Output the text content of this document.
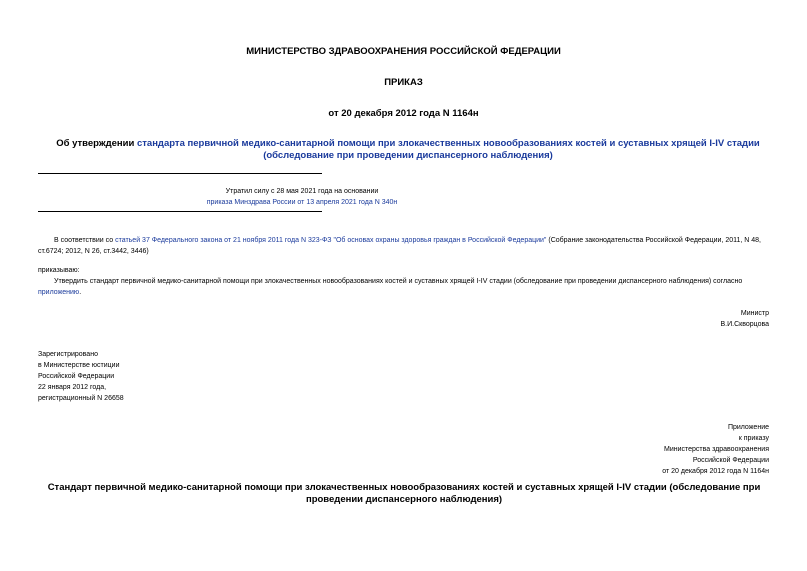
МИНИСТЕРСТВО ЗДРАВООХРАНЕНИЯ РОССИЙСКОЙ ФЕДЕРАЦИИ
ПРИКАЗ
от 20 декабря 2012 года N 1164н
Об утверждении стандарта первичной медико-санитарной помощи при злокачественных новообразованиях костей и суставных хрящей I-IV стадии (обследование при проведении диспансерного наблюдения)
Утратил силу с 28 мая 2021 года на основании
приказа Минздрава России от 13 апреля 2021 года N 340н
В соответствии со статьей 37 Федерального закона от 21 ноября 2011 года N 323-ФЗ "Об основах охраны здоровья граждан в Российской Федерации" (Собрание законодательства Российской Федерации, 2011, N 48, ст.6724; 2012, N 26, ст.3442, 3446)
приказываю:
Утвердить стандарт первичной медико-санитарной помощи при злокачественных новообразованиях костей и суставных хрящей I-IV стадии (обследование при проведении диспансерного наблюдения) согласно приложению.
Министр
В.И.Скворцова
Зарегистрировано
в Министерстве юстиции
Российской Федерации
22 января 2012 года,
регистрационный N 26658
Приложение
к приказу
Министерства здравоохранения
Российской Федерации
от 20 декабря 2012 года N 1164н
Стандарт первичной медико-санитарной помощи при злокачественных новообразованиях костей и суставных хрящей I-IV стадии (обследование при проведении диспансерного наблюдения)
